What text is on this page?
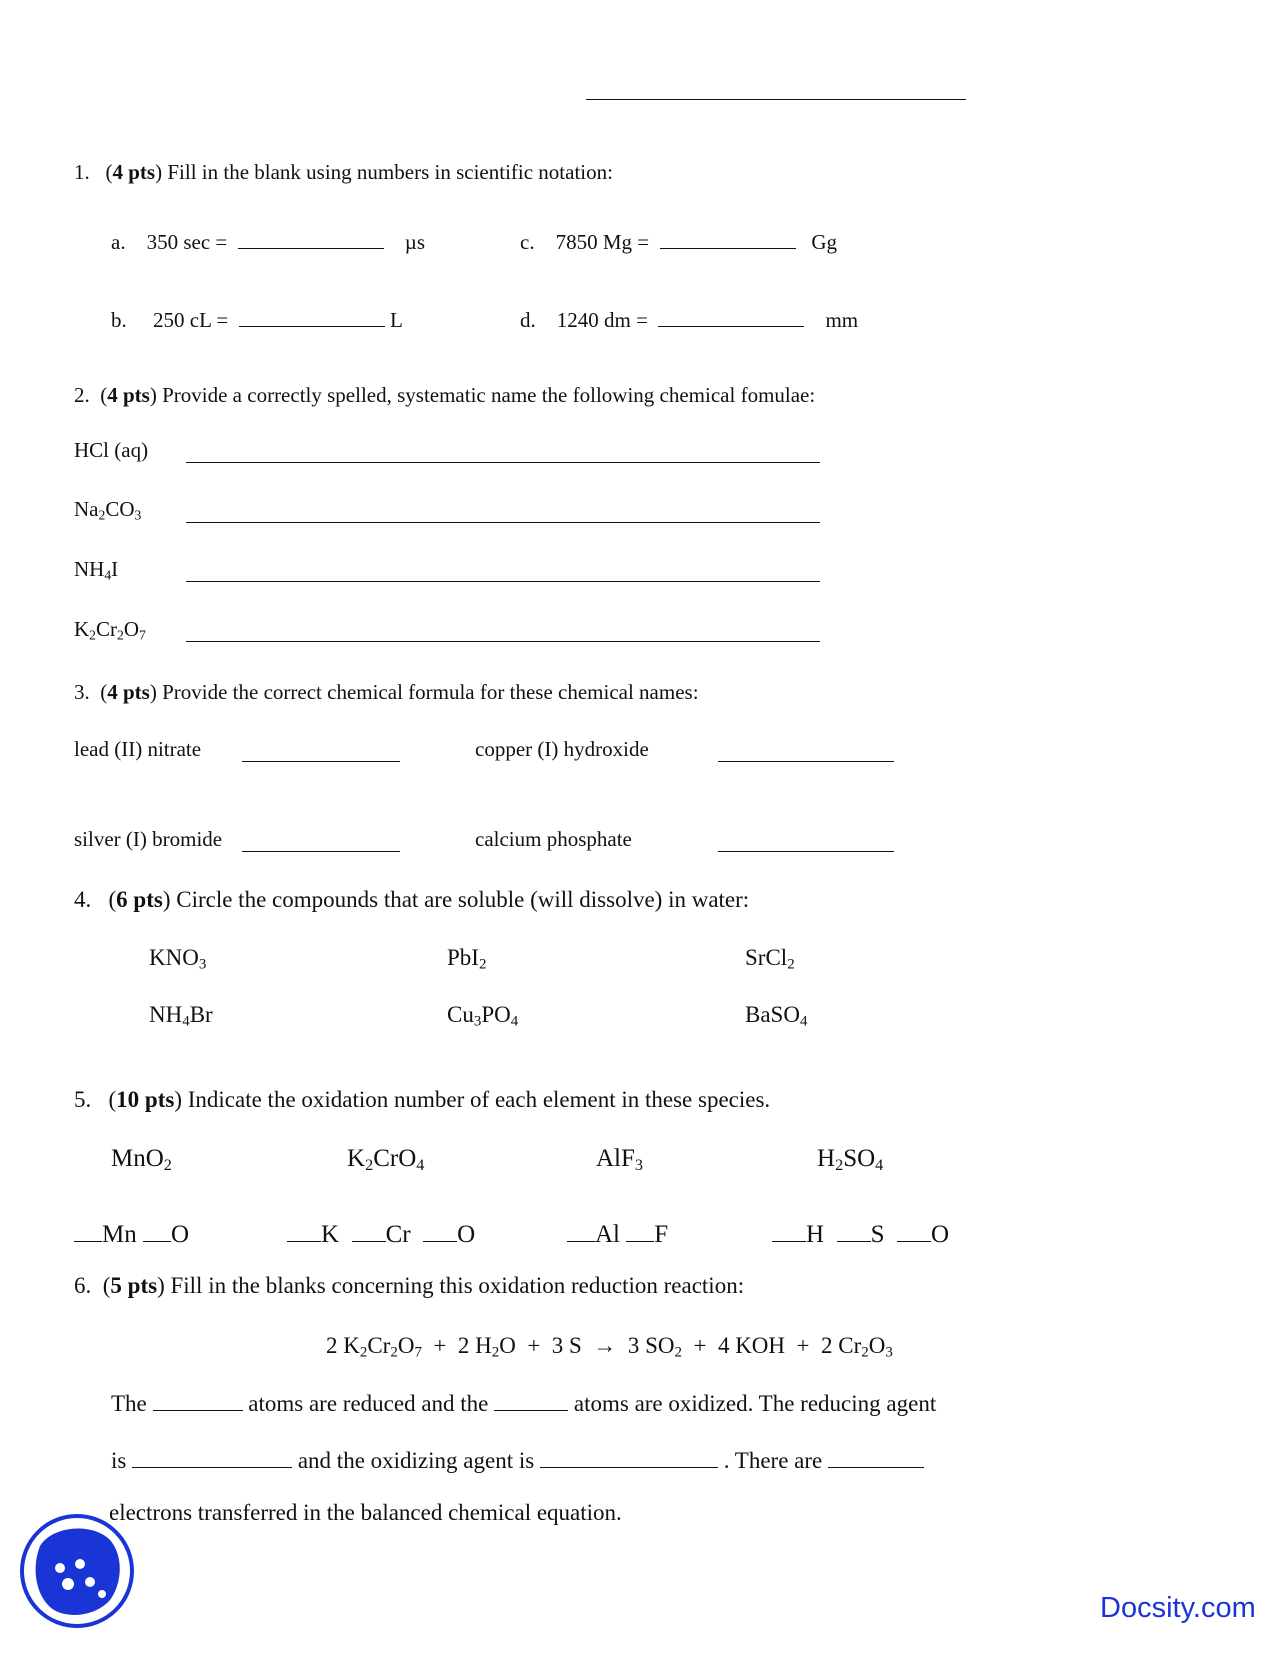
1.   (4 pts) Fill in the blank using numbers in scientific notation:
a. 350 sec =	µs	c. 7850 Mg =	Gg
b. 250 cL =	L	d. 1240 dm =	mm
2.  (4 pts) Provide a correctly spelled, systematic name the following chemical fomulae:
HCl (aq)
$Na_2CO_3$
$NH_4I$
$K_2Cr_2O_7$
3.  (4 pts) Provide the correct chemical formula for these chemical names:
lead (II) nitrate	copper (I) hydroxide
silver (I) bromide	calcium phosphate
4.   (6 pts) Circle the compounds that are soluble (will dissolve) in water:
$KNO_3$	PbI$_2$	SrCl$_2$
$NH_4Br$	$Cu_3PO_4$	BaSO$_4$
5.   (10 pts) Indicate the oxidation number of each element in these species.
MnO$_2$	$K_2CrO_4$	AlF$_3$	$H_2SO_4$
Mn O	K Cr O	Al F	H S O
6.  (5 pts) Fill in the blanks concerning this oxidation reduction reaction:
2 $K_2Cr_2O_7 + 2$ $H_2O + 3$ S  →  3 $SO_2 + 4$ KOH  +  2 $Cr_2O_3$
The	atoms are reduced and the	atoms are oxidized. The reducing agent
is	and the oxidizing agent is	. There are
electrons transferred in the balanced chemical equation.
Docsity.com
